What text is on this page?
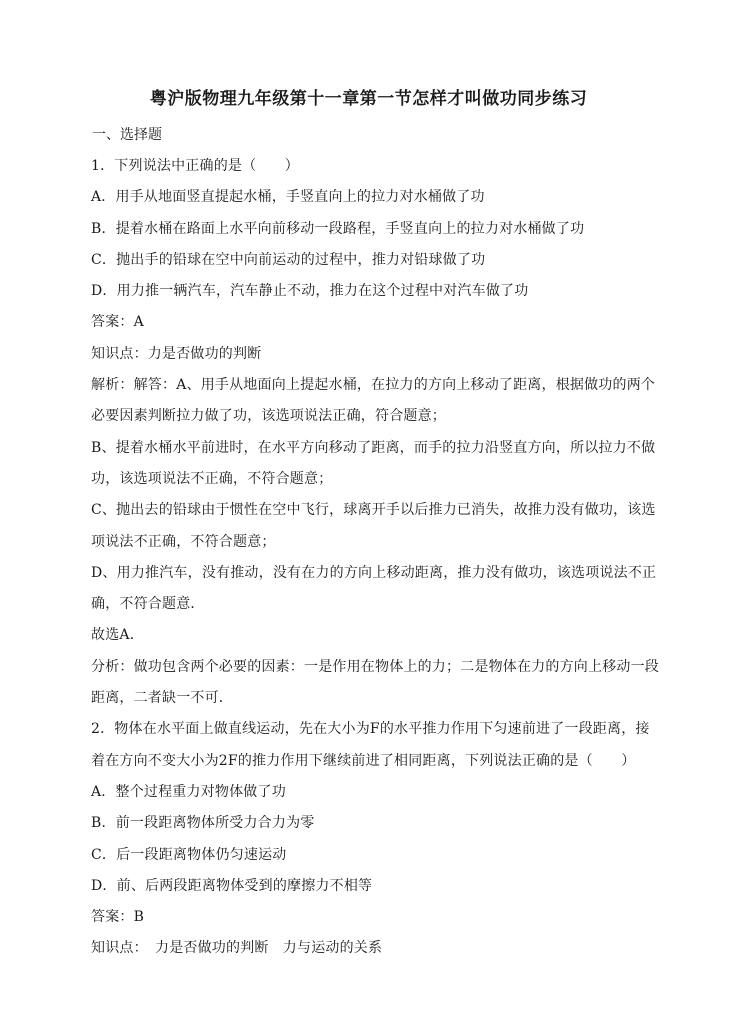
粤沪版物理九年级第十一章第一节怎样才叫做功同步练习
一、选择题
1．下列说法中正确的是（　　）
A．用手从地面竖直提起水桶，手竖直向上的拉力对水桶做了功
B．提着水桶在路面上水平向前移动一段路程，手竖直向上的拉力对水桶做了功
C．抛出手的铅球在空中向前运动的过程中，推力对铅球做了功
D．用力推一辆汽车，汽车静止不动，推力在这个过程中对汽车做了功
答案：A
知识点：力是否做功的判断
解析：解答：A、用手从地面向上提起水桶，在拉力的方向上移动了距离，根据做功的两个
必要因素判断拉力做了功，该选项说法正确，符合题意；
B、提着水桶水平前进时，在水平方向移动了距离，而手的拉力沿竖直方向，所以拉力不做
功，该选项说法不正确，不符合题意；
C、抛出去的铅球由于惯性在空中飞行，球离开手以后推力已消失，故推力没有做功，该选
项说法不正确，不符合题意；
D、用力推汽车，没有推动，没有在力的方向上移动距离，推力没有做功，该选项说法不正
确，不符合题意．
故选A．
分析：做功包含两个必要的因素：一是作用在物体上的力；二是物体在力的方向上移动一段
距离，二者缺一不可．
2．物体在水平面上做直线运动，先在大小为F的水平推力作用下匀速前进了一段距离，接
着在方向不变大小为2F的推力作用下继续前进了相同距离，下列说法正确的是（　　）
A．整个过程重力对物体做了功
B．前一段距离物体所受力合力为零
C．后一段距离物体仍匀速运动
D．前、后两段距离物体受到的摩擦力不相等
答案：B
知识点：　力是否做功的判断　力与运动的关系
